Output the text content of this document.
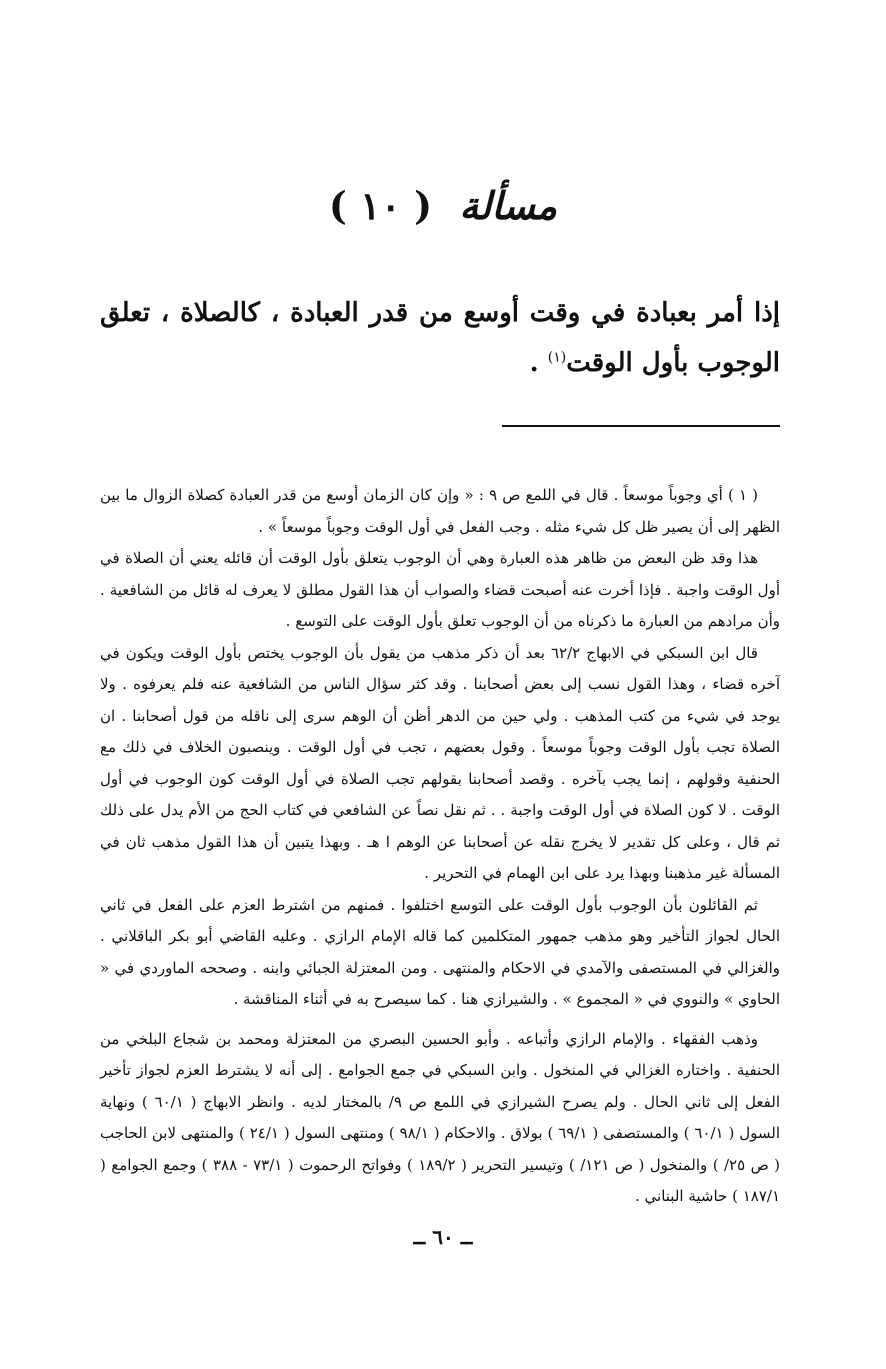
مسألة ( ١٠ )
إذا أمر بعبادة في وقت أوسع من قدر العبادة ، كالصلاة ، تعلق الوجوب بأول الوقت$^{(١)}$ .

( ١ ) أي وجوباً موسعاً . قال في اللمع ص ٩ : « وإن كان الزمان أوسع من قدر العبادة كصلاة الزوال ما بين الظهر إلى أن يصير ظل كل شيء مثله . وجب الفعل في أول الوقت وجوباً موسعاً » .

هذا وقد ظن البعض من ظاهر هذه العبارة وهي أن الوجوب يتعلق بأول الوقت أن قائله يعني أن الصلاة في أول الوقت واجبة . فإذا أخرت عنه أصبحت قضاء والصواب أن هذا القول مطلق لا يعرف له قائل من الشافعية . وأن مرادهم من العبارة ما ذكرناه من أن الوجوب تعلق بأول الوقت على التوسع .

قال ابن السبكي في الابهاج ٦٢/٢ بعد أن ذكر مذهب من يقول بأن الوجوب يختص بأول الوقت ويكون في آخره قضاء ، وهذا القول نسب إلى بعض أصحابنا . وقد كثر سؤال الناس من الشافعية عنه فلم يعرفوه . ولا يوجد في شيء من كتب المذهب . ولي حين من الدهر أظن أن الوهم سرى إلى ناقله من قول أصحابنا . ان الصلاة تجب بأول الوقت وجوباً موسعاً . وقول بعضهم ، تجب في أول الوقت . وينصبون الخلاف في ذلك مع الحنفية وقولهم ، إنما يجب بآخره . وقصد أصحابنا بقولهم تجب الصلاة في أول الوقت كون الوجوب في أول الوقت . لا كون الصلاة في أول الوقت واجبة . . ثم نقل نصاً عن الشافعي في كتاب الحج من الأم يدل على ذلك ثم قال ، وعلى كل تقدير لا يخرج نقله عن أصحابنا عن الوهم ا هـ . وبهذا يتبين أن هذا القول مذهب ثان في المسألة غير مذهبنا وبهذا يرد على ابن الهمام في التحرير .

ثم القائلون بأن الوجوب بأول الوقت على التوسع اختلفوا . فمنهم من اشترط العزم على الفعل في ثاني الحال لجواز التأخير وهو مذهب جمهور المتكلمين كما قاله الإمام الرازي . وعليه القاضي أبو بكر الباقلاني . والغزالي في المستصفى والآمدي في الاحكام والمنتهى . ومن المعتزلة الجبائي وابنه . وصححه الماوردي في « الحاوي » والنووي في « المجموع » . والشيرازي هنا . كما سيصرح به في أثناء المناقشة .

وذهب الفقهاء . والإمام الرازي وأتباعه . وأبو الحسين البصري من المعتزلة ومحمد بن شجاع البلخي من الحنفية . واختاره الغزالي في المنخول . وابن السبكي في جمع الجوامع . إلى أنه لا يشترط العزم لجواز تأخير الفعل إلى ثاني الحال . ولم يصرح الشيرازي في اللمع ص ٩/ بالمختار لديه . وانظر الابهاج ( ٦٠/١ ) ونهاية السول ( ٦٠/١ ) والمستصفى ( ٦٩/١ ) بولاق . والاحكام ( ٩٨/١ ) ومنتهى السول ( ٢٤/١ ) والمنتهى لابن الحاجب ( ص ٢٥/ ) والمنخول ( ص ١٢١/ ) وتيسير التحرير ( ١٨٩/٢ ) وفواتح الرحموت ( ٧٣/١ - ٣٨٨ ) وجمع الجوامع ( ١٨٧/١ ) حاشية البناني .

ــ ٦٠ ــ
